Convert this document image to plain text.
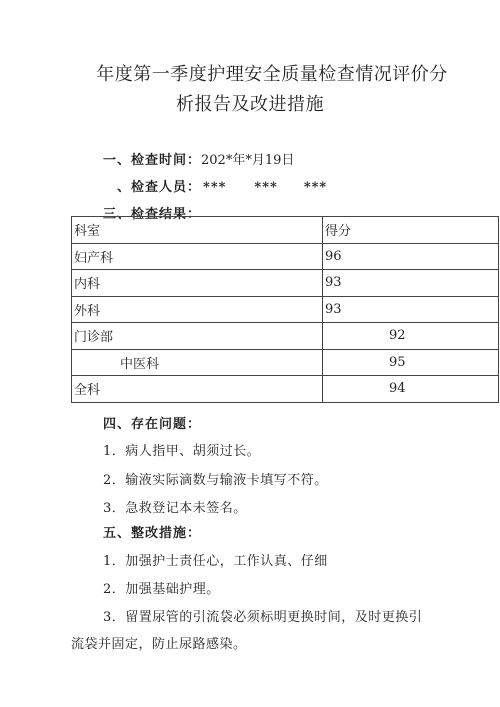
年度第一季度护理安全质量检查情况评价分
析报告及改进措施
一、检查时间：202*年*月19日
、检查人员： *** *** ***
三、检查结果：
科室	得分
妇产科	96
内科	93
外科	93
门诊部	92
中医科	95
全科	94
四、存在问题：
1．病人指甲、胡须过长。
2．输液实际滴数与输液卡填写不符。
3．急救登记本未签名。
五、整改措施：
1．加强护士责任心，工作认真、仔细
2．加强基础护理。
3．留置尿管的引流袋必须标明更换时间，及时更换引
流袋并固定，防止尿路感染。
